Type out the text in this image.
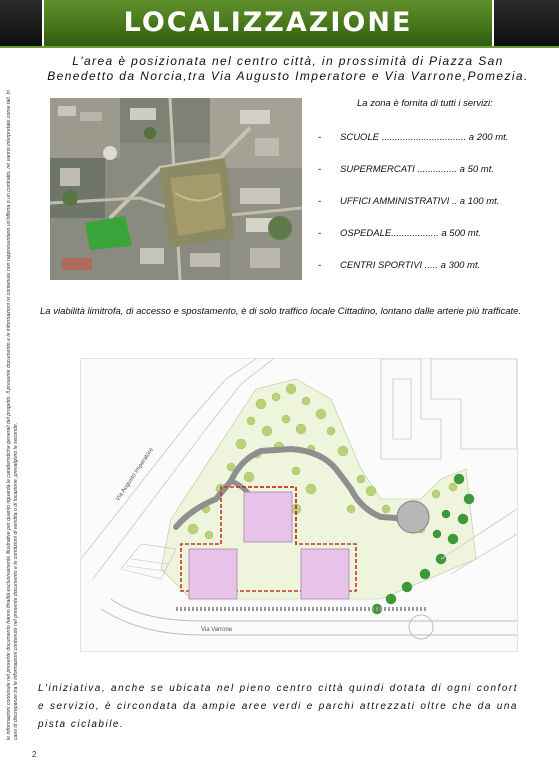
LOCALIZZAZIONE
le informazioni contenute nel presente documento hanno finalità esclusivamente illustrative per quanto riguarda le caratteristiche generali del progetto. Il presente documento e le informazioni ivi contenute non rappresentano un'offerta o un contratto, né vanno interpretate come tali. In caso di discrepanze tra le informazioni contenute nel presente documento e le condizioni di vendita o di locazione, prevalgono le seconde.
L'area è posizionata nel centro città, in prossimità di Piazza San Benedetto da Norcia,tra Via Augusto Imperatore e Via Varrone,Pomezia.
La zona è fornita di tutti i servizi:
- SCUOLE ................................ a 200 mt.
- SUPERMERCATI ............... a 50 mt.
- UFFICI AMMINISTRATIVI .. a 100 mt.
- OSPEDALE.................. a 500 mt.
- CENTRI SPORTIVI ..... a 300 mt.
La viabilità limitrofa, di accesso e spostamento, è di solo traffico locale Cittadino, lontano dalle arterie più trafficate.
Via Augusto Imperatore
Via Varrone
L'iniziativa, anche se ubicata nel pieno centro città quindi dotata di ogni confort e servizio, è circondata da ampie aree verdi e parchi attrezzati oltre che da una pista ciclabile.
2
